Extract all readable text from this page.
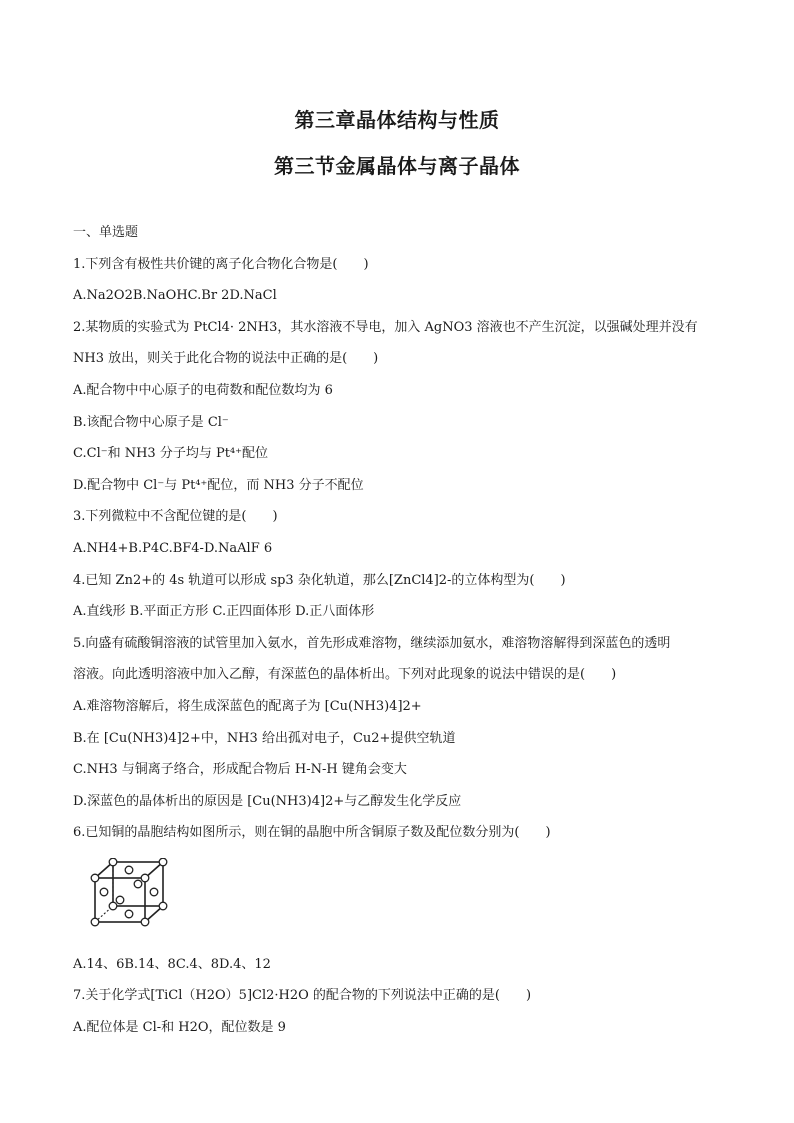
第三章晶体结构与性质
第三节金属晶体与离子晶体
一、单选题
1.下列含有极性共价键的离子化合物化合物是(　　)
A.Na2O2B.NaOHC.Br 2D.NaCl
2.某物质的实验式为 PtCl4· 2NH3，其水溶液不导电，加入 AgNO3 溶液也不产生沉淀，以强碱处理并没有
NH3 放出，则关于此化合物的说法中正确的是(　　)
A.配合物中中心原子的电荷数和配位数均为 6
B.该配合物中心原子是 Cl⁻
C.Cl⁻和 NH3 分子均与 Pt⁴⁺配位
D.配合物中 Cl⁻与 Pt⁴⁺配位，而 NH3 分子不配位
3.下列微粒中不含配位键的是(　　)
A.NH4+B.P4C.BF4-D.NaAlF 6
4.已知 Zn2+的 4s 轨道可以形成 sp3 杂化轨道，那么[ZnCl4]2-的立体构型为(　　)
A.直线形 B.平面正方形 C.正四面体形 D.正八面体形
5.向盛有硫酸铜溶液的试管里加入氨水，首先形成难溶物，继续添加氨水，难溶物溶解得到深蓝色的透明
溶液。向此透明溶液中加入乙醇，有深蓝色的晶体析出。下列对此现象的说法中错误的是(　　)
A.难溶物溶解后，将生成深蓝色的配离子为 [Cu(NH3)4]2+
B.在 [Cu(NH3)4]2+中，NH3 给出孤对电子，Cu2+提供空轨道
C.NH3 与铜离子络合，形成配合物后 H-N-H 键角会变大
D.深蓝色的晶体析出的原因是 [Cu(NH3)4]2+与乙醇发生化学反应
6.已知铜的晶胞结构如图所示，则在铜的晶胞中所含铜原子数及配位数分别为(　　)
A.14、6B.14、8C.4、8D.4、12
7.关于化学式[TiCl（H2O）5]Cl2·H2O 的配合物的下列说法中正确的是(　　)
A.配位体是 Cl-和 H2O，配位数是 9
